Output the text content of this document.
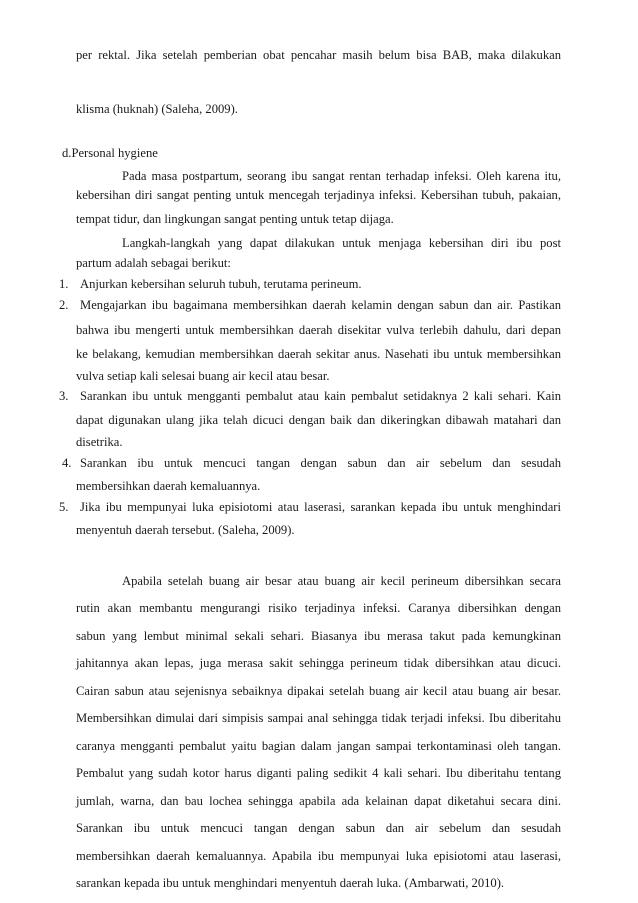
per rektal. Jika setelah pemberian obat pencahar masih belum bisa BAB, maka dilakukan
klisma (huknah) (Saleha, 2009).
d.Personal hygiene
Pada masa postpartum, seorang ibu sangat rentan terhadap infeksi. Oleh karena itu,
kebersihan diri sangat penting untuk mencegah terjadinya infeksi. Kebersihan tubuh, pakaian,
tempat tidur, dan lingkungan sangat penting untuk tetap dijaga.
Langkah-langkah yang dapat dilakukan untuk menjaga kebersihan diri ibu post
partum adalah sebagai berikut:
1. Anjurkan kebersihan seluruh tubuh, terutama perineum.
2. Mengajarkan ibu bagaimana membersihkan daerah kelamin dengan sabun dan air. Pastikan
bahwa ibu mengerti untuk membersihkan daerah disekitar vulva terlebih dahulu, dari depan
ke belakang, kemudian membersihkan daerah sekitar anus. Nasehati ibu untuk membersihkan
vulva setiap kali selesai buang air kecil atau besar.
3. Sarankan ibu untuk mengganti pembalut atau kain pembalut setidaknya 2 kali sehari. Kain
dapat digunakan ulang jika telah dicuci dengan baik dan dikeringkan dibawah matahari dan
disetrika.
4. Sarankan ibu untuk mencuci tangan dengan sabun dan air sebelum dan sesudah
membersihkan daerah kemaluannya.
5. Jika ibu mempunyai luka episiotomi atau laserasi, sarankan kepada ibu untuk menghindari
menyentuh daerah tersebut. (Saleha, 2009).
Apabila setelah buang air besar atau buang air kecil perineum dibersihkan secara
rutin akan membantu mengurangi risiko terjadinya infeksi. Caranya dibersihkan dengan
sabun yang lembut minimal sekali sehari. Biasanya ibu merasa takut pada kemungkinan
jahitannya akan lepas, juga merasa sakit sehingga perineum tidak dibersihkan atau dicuci.
Cairan sabun atau sejenisnya sebaiknya dipakai setelah buang air kecil atau buang air besar.
Membersihkan dimulai dari simpisis sampai anal sehingga tidak terjadi infeksi. Ibu diberitahu
caranya mengganti pembalut yaitu bagian dalam jangan sampai terkontaminasi oleh tangan.
Pembalut yang sudah kotor harus diganti paling sedikit 4 kali sehari. Ibu diberitahu tentang
jumlah, warna, dan bau lochea sehingga apabila ada kelainan dapat diketahui secara dini.
Sarankan ibu untuk mencuci tangan dengan sabun dan air sebelum dan sesudah
membersihkan daerah kemaluannya. Apabila ibu mempunyai luka episiotomi atau laserasi,
sarankan kepada ibu untuk menghindari menyentuh daerah luka. (Ambarwati, 2010).
